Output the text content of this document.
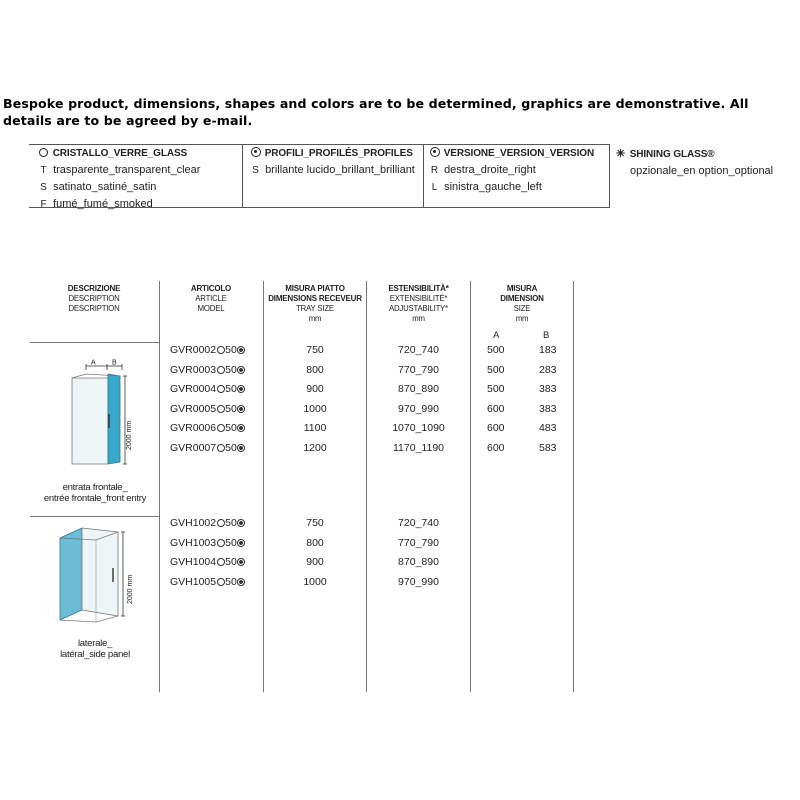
Bespoke product, dimensions, shapes and colors are to be determined, graphics are demonstrative. All details are to be agreed by e-mail.
CRISTALLO_VERRE_GLASS
T trasparente_transparent_clear
S satinato_satiné_satin
F fumé_fumé_smoked
PROFILI_PROFILÉS_PROFILES
S brillante lucido_brillant_brilliant
VERSIONE_VERSION_VERSION
R destra_droite_right
L sinistra_gauche_left
✳ SHINING GLASS®
opzionale_en option_optional
DESCRIZIONE
DESCRIPTION
DESCRIPTION
ARTICOLO
ARTICLE
MODEL
MISURA PIATTO
DIMENSIONS RECEVEUR
TRAY SIZE
mm
ESTENSIBILITÀ*
EXTENSIBILITÉ*
ADJUSTABILITY*
mm
MISURA
DIMENSION
SIZE
mm
A	B
A B
2000 mm
entrata frontale_
entrée frontale_front entry
2000 mm
laterale_
latéral_side panel
GVR0002 50	750	720_740	500	183
GVR0003 50	800	770_790	500	283
GVR0004 50	900	870_890	500	383
GVR0005 50	1000	970_990	600	383
GVR0006 50	1100	1070_1090	600	483
GVR0007 50	1200	1170_1190	600	583
GVH1002 50	750	720_740
GVH1003 50	800	770_790
GVH1004 50	900	870_890
GVH1005 50	1000	970_990
